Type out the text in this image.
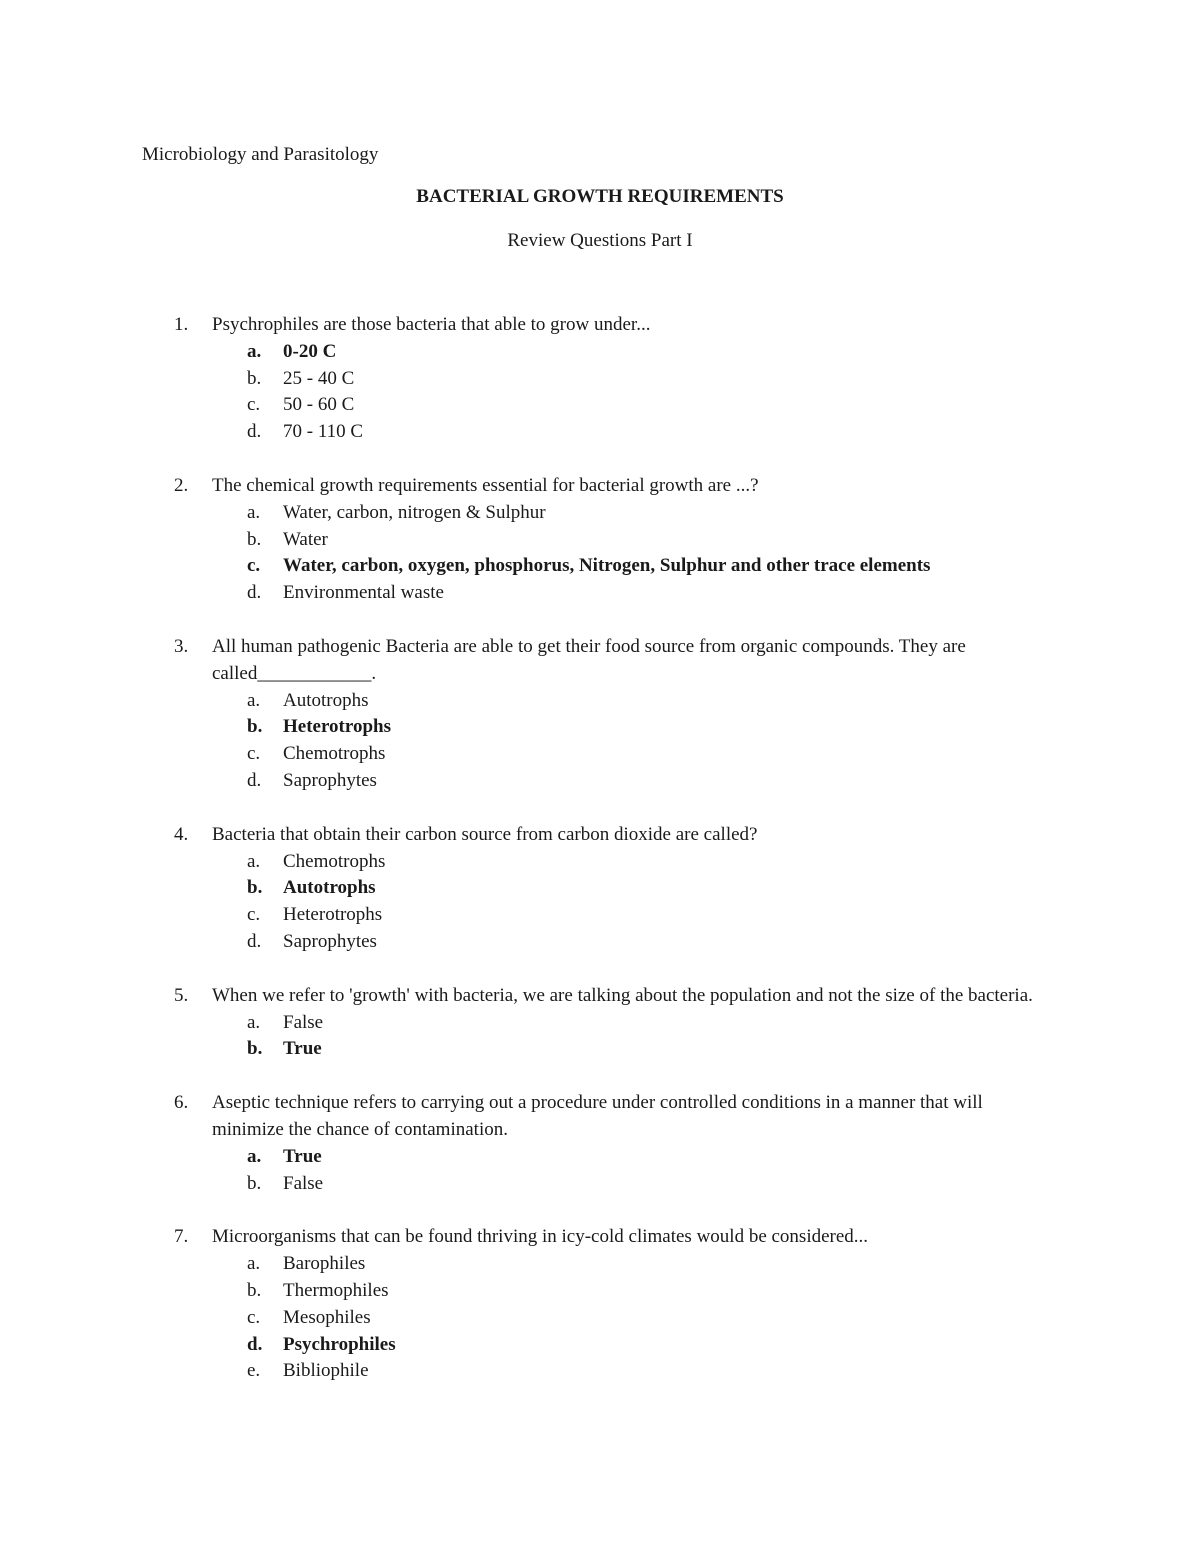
Microbiology and Parasitology
BACTERIAL GROWTH REQUIREMENTS
Review Questions Part I
1. Psychrophiles are those bacteria that able to grow under...
a. 0-20 C
b. 25 - 40 C
c. 50 - 60 C
d. 70 - 110 C
2. The chemical growth requirements essential for bacterial growth are ...?
a. Water, carbon, nitrogen & Sulphur
b. Water
c. Water, carbon, oxygen, phosphorus, Nitrogen, Sulphur and other trace elements
d. Environmental waste
3. All human pathogenic Bacteria are able to get their food source from organic compounds. They are called____________.
a. Autotrophs
b. Heterotrophs
c. Chemotrophs
d. Saprophytes
4. Bacteria that obtain their carbon source from carbon dioxide are called?
a. Chemotrophs
b. Autotrophs
c. Heterotrophs
d. Saprophytes
5. When we refer to 'growth' with bacteria, we are talking about the population and not the size of the bacteria.
a. False
b. True
6. Aseptic technique refers to carrying out a procedure under controlled conditions in a manner that will minimize the chance of contamination.
a. True
b. False
7. Microorganisms that can be found thriving in icy-cold climates would be considered...
a. Barophiles
b. Thermophiles
c. Mesophiles
d. Psychrophiles
e. Bibliophile
